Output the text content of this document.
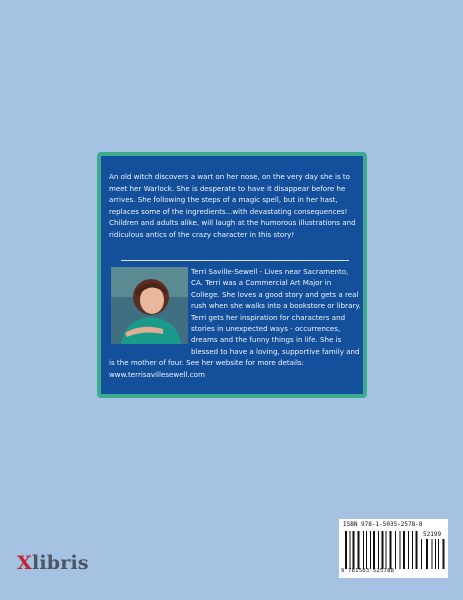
An old witch discovers a wart on her nose, on the very day she is to meet her Warlock. She is desperate to have it disappear before he arrives. She following the steps of a magic spell, but in her hast, replaces some of the ingredients...with devastating consequences! Children and adults alike, will laugh at the humorous illustrations and ridiculous antics of the crazy character in this story!

Terri Saville-Sewell - Lives near Sacramento, CA. Terri was a Commercial Art Major in College. She loves a good story and gets a real rush when she walks into a bookstore or library. Terri gets her inspiration for characters and stories in unexpected ways - occurrences, dreams and the funny things in life. She is blessed to have a loving, supportive family and is the mother of four. See her website for more details: www.terrisavillesewell.com

ISBN 978-1-5035-2578-8
52199
9 781503 525788
Xlibris
